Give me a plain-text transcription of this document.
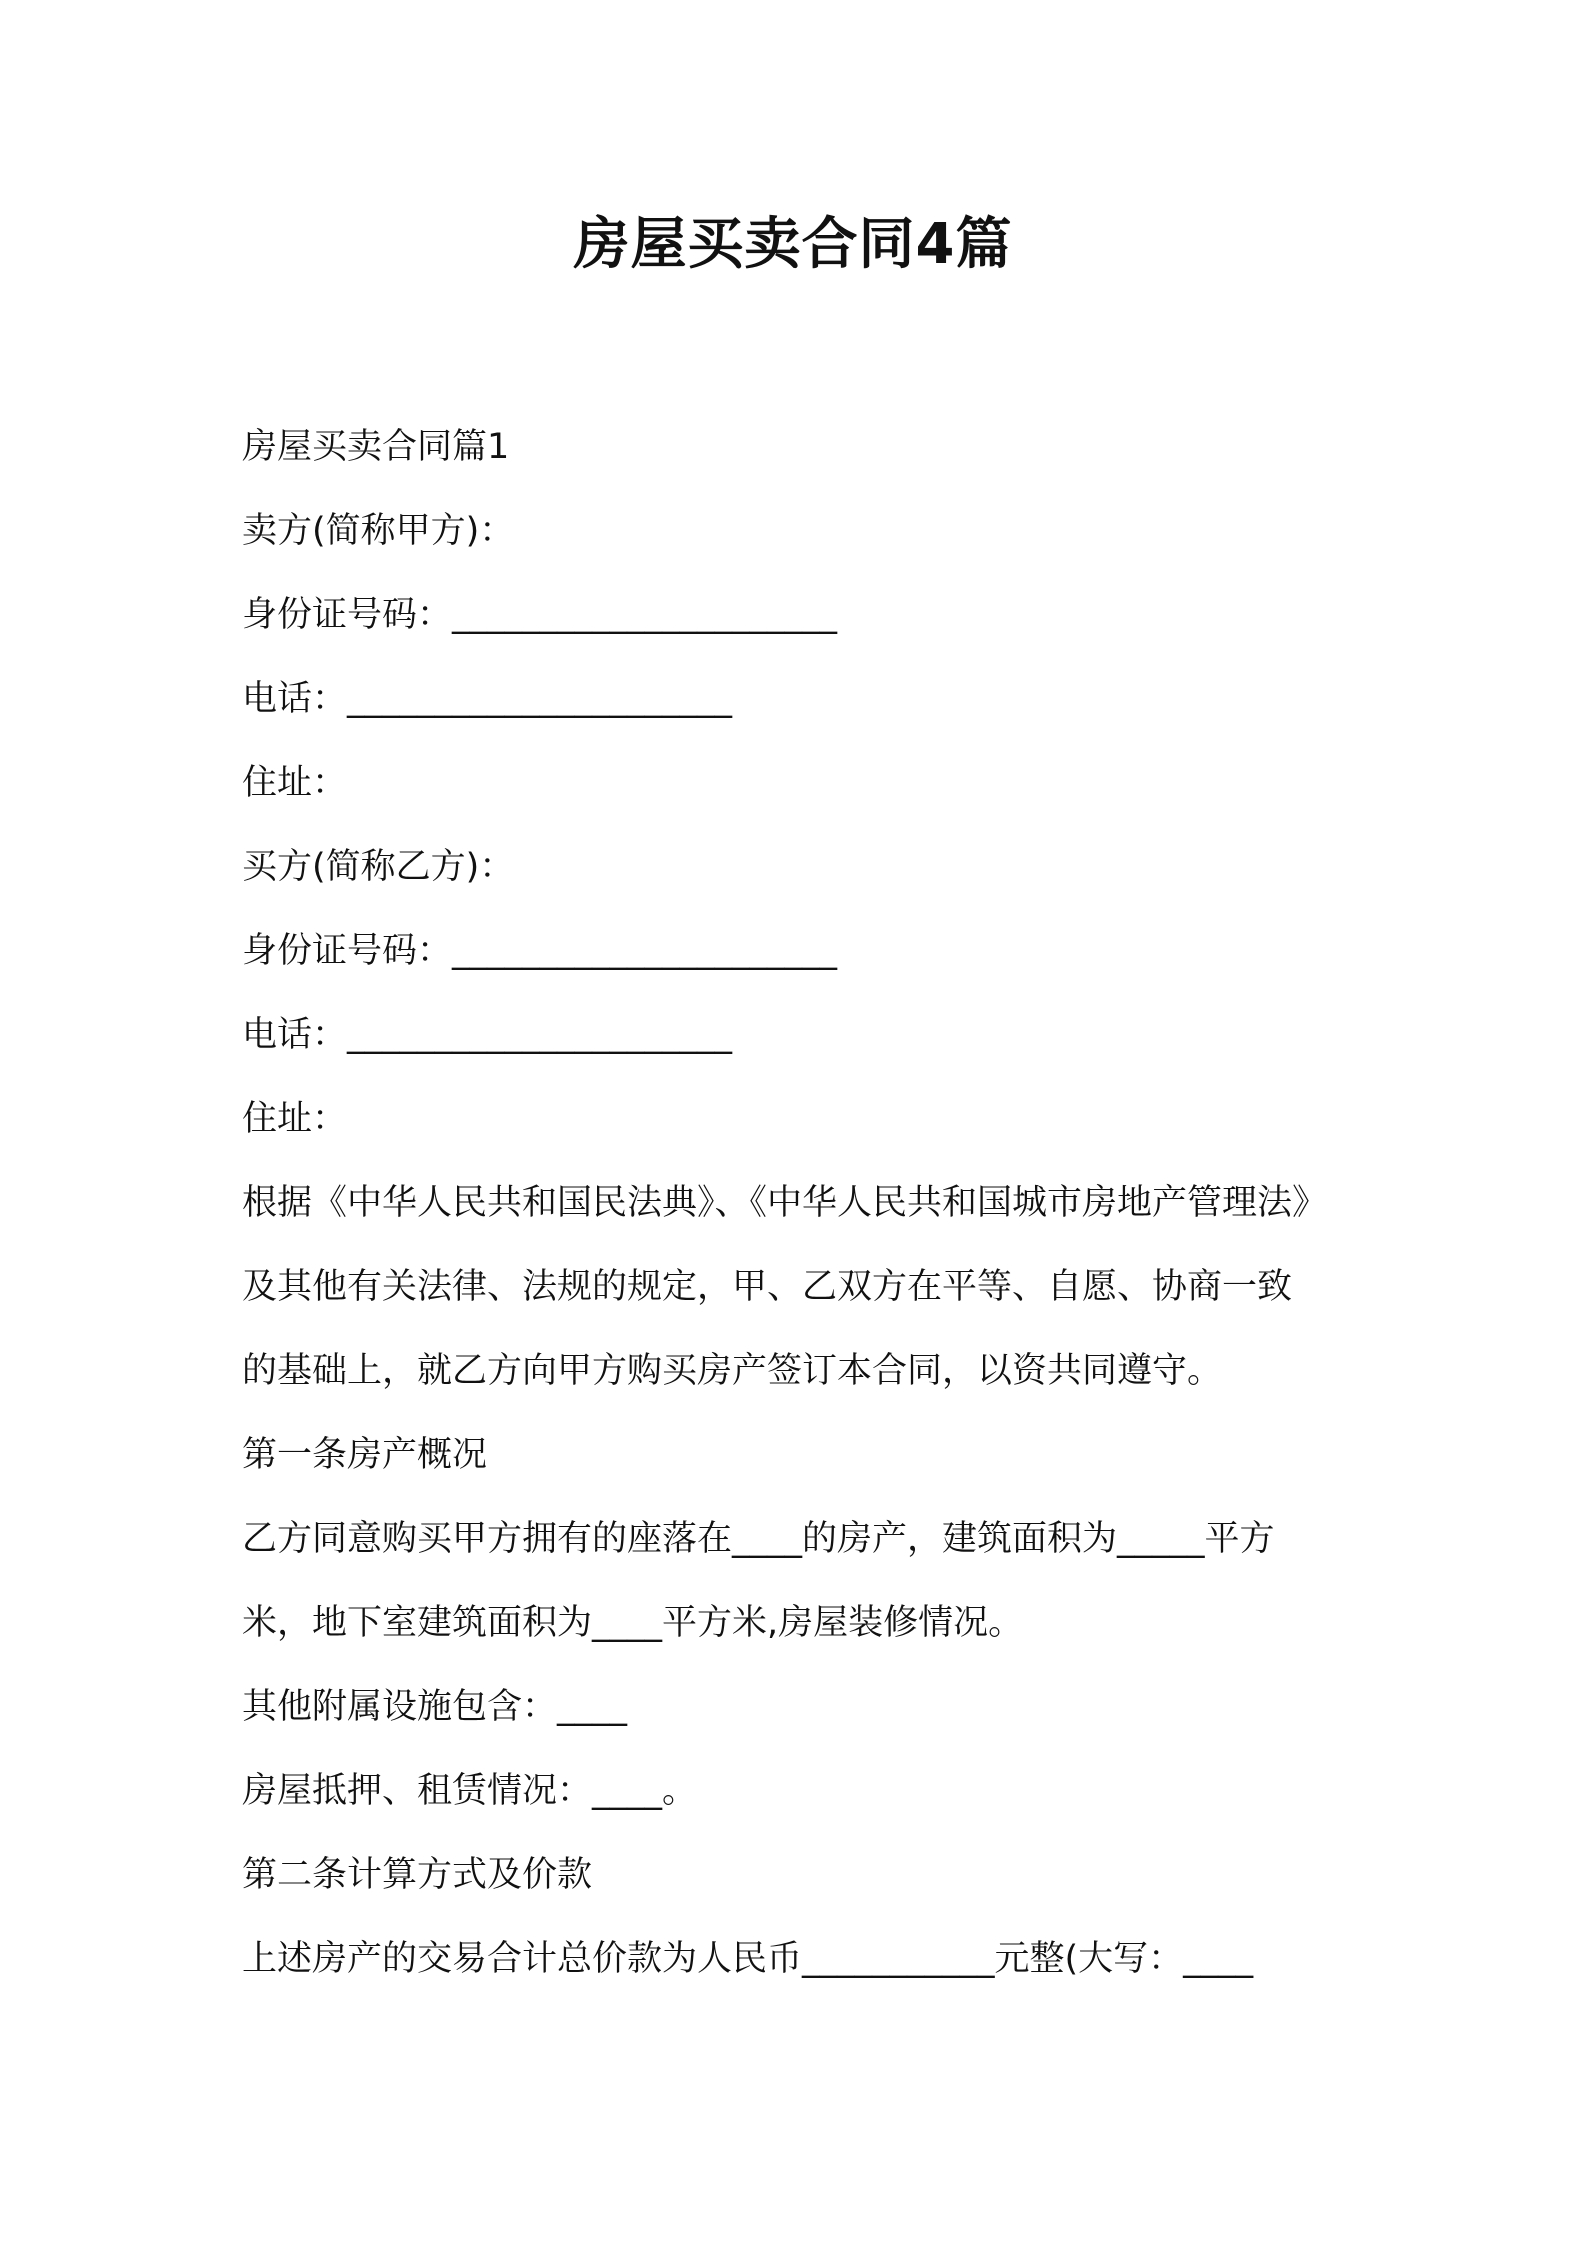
房屋买卖合同4篇
房屋买卖合同篇1
卖方(简称甲方)：
身份证号码：______________________
电话：______________________
住址：
买方(简称乙方)：
身份证号码：______________________
电话：______________________
住址：
根据《中华人民共和国民法典》、《中华人民共和国城市房地产管理法》
及其他有关法律、法规的规定，甲、乙双方在平等、自愿、协商一致
的基础上，就乙方向甲方购买房产签订本合同，以资共同遵守。
第一条房产概况
乙方同意购买甲方拥有的座落在____的房产，建筑面积为_____平方
米，地下室建筑面积为____平方米,房屋装修情况。
其他附属设施包含：____
房屋抵押、租赁情况：____。
第二条计算方式及价款
上述房产的交易合计总价款为人民币___________元整(大写：____
